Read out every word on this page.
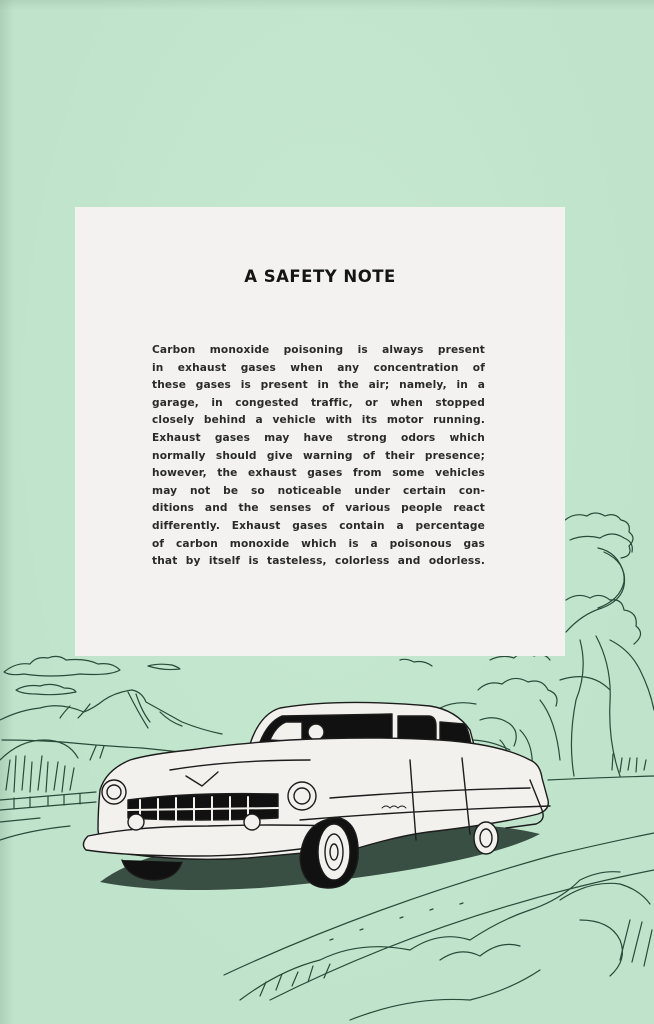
A SAFETY NOTE
Carbon monoxide poisoning is always present
in exhaust gases when any concentration of
these gases is present in the air; namely, in a
garage, in congested traffic, or when stopped
closely behind a vehicle with its motor running.
Exhaust gases may have strong odors which
normally should give warning of their presence;
however, the exhaust gases from some vehicles
may not be so noticeable under certain con-
ditions and the senses of various people react
differently. Exhaust gases contain a percentage
of carbon monoxide which is a poisonous gas
that by itself is tasteless, colorless and odorless.
